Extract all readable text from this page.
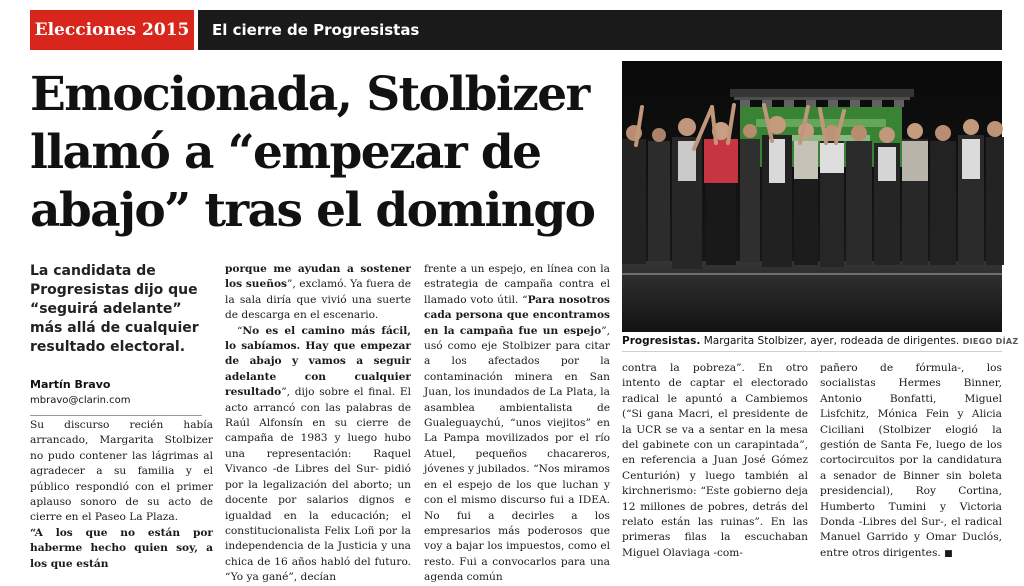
Elecciones 2015	El cierre de Progresistas
Emocionada, Stolbizer
llamó a “empezar de
abajo” tras el domingo
Progresistas. Margarita Stolbizer, ayer, rodeada de dirigentes. DIEGO DÍAZ
La candidata de
Progresistas dijo que
“seguirá adelante”
más allá de cualquier
resultado electoral.
Martín Bravo
mbravo@clarin.com

Su discurso recién había arrancado, Margarita Stolbizer no pudo contener las lágrimas al agradecer a su familia y el público respondió con el primer aplauso sonoro de su acto de cierre en el Paseo La Plaza.

“A los que no están por haberme hecho quien soy, a los que están

porque me ayudan a sostener los sueños”, exclamó. Ya fuera de la sala diría que vivió una suerte de descarga en el escenario.

“No es el camino más fácil, lo sabíamos. Hay que empezar de abajo y vamos a seguir adelante con cualquier resultado”, dijo sobre el final. El acto arrancó con las palabras de Raúl Alfonsín en su cierre de campaña de 1983 y luego hubo una representación: Raquel Vivanco -de Libres del Sur- pidió por la legalización del aborto; un docente por salarios dignos e igualdad en la educación; el constitucionalista Felix Loñ por la independencia de la Justicia y una chica de 16 años habló del futuro. “Yo ya gané”, decían

frente a un espejo, en línea con la estrategia de campaña contra el llamado voto útil. “Para nosotros cada persona que encontramos en la campaña fue un espejo”, usó como eje Stolbizer para citar a los afectados por la contaminación minera en San Juan, los inundados de La Plata, la asamblea ambientalista de Gualeguaychú, “unos viejitos” en La Pampa movilizados por el río Atuel, pequeños chacareros, jóvenes y jubilados. “Nos miramos en el espejo de los que luchan y con el mismo discurso fui a IDEA. No fui a decirles a los empresarios más poderosos que voy a bajar los impuestos, como el resto. Fui a convocarlos para una agenda común

contra la pobreza”. En otro intento de captar el electorado radical le apuntó a Cambiemos (“Si gana Macri, el presidente de la UCR se va a sentar en la mesa del gabinete con un carapintada”, en referencia a Juan José Gómez Centurión) y luego también al kirchnerismo: “Este gobierno deja 12 millones de pobres, detrás del relato están las ruinas”. En las primeras filas la escuchaban Miguel Olaviaga -com-

pañero de fórmula-, los socialistas Hermes Binner, Antonio Bonfatti, Miguel Lisfchitz, Mónica Fein y Alicia Ciciliani (Stolbizer elogió la gestión de Santa Fe, luego de los cortocircuitos por la candidatura a senador de Binner sin boleta presidencial), Roy Cortina, Humberto Tumini y Victoria Donda -Libres del Sur-, el radical Manuel Garrido y Omar Duclós, entre otros dirigentes. ■
